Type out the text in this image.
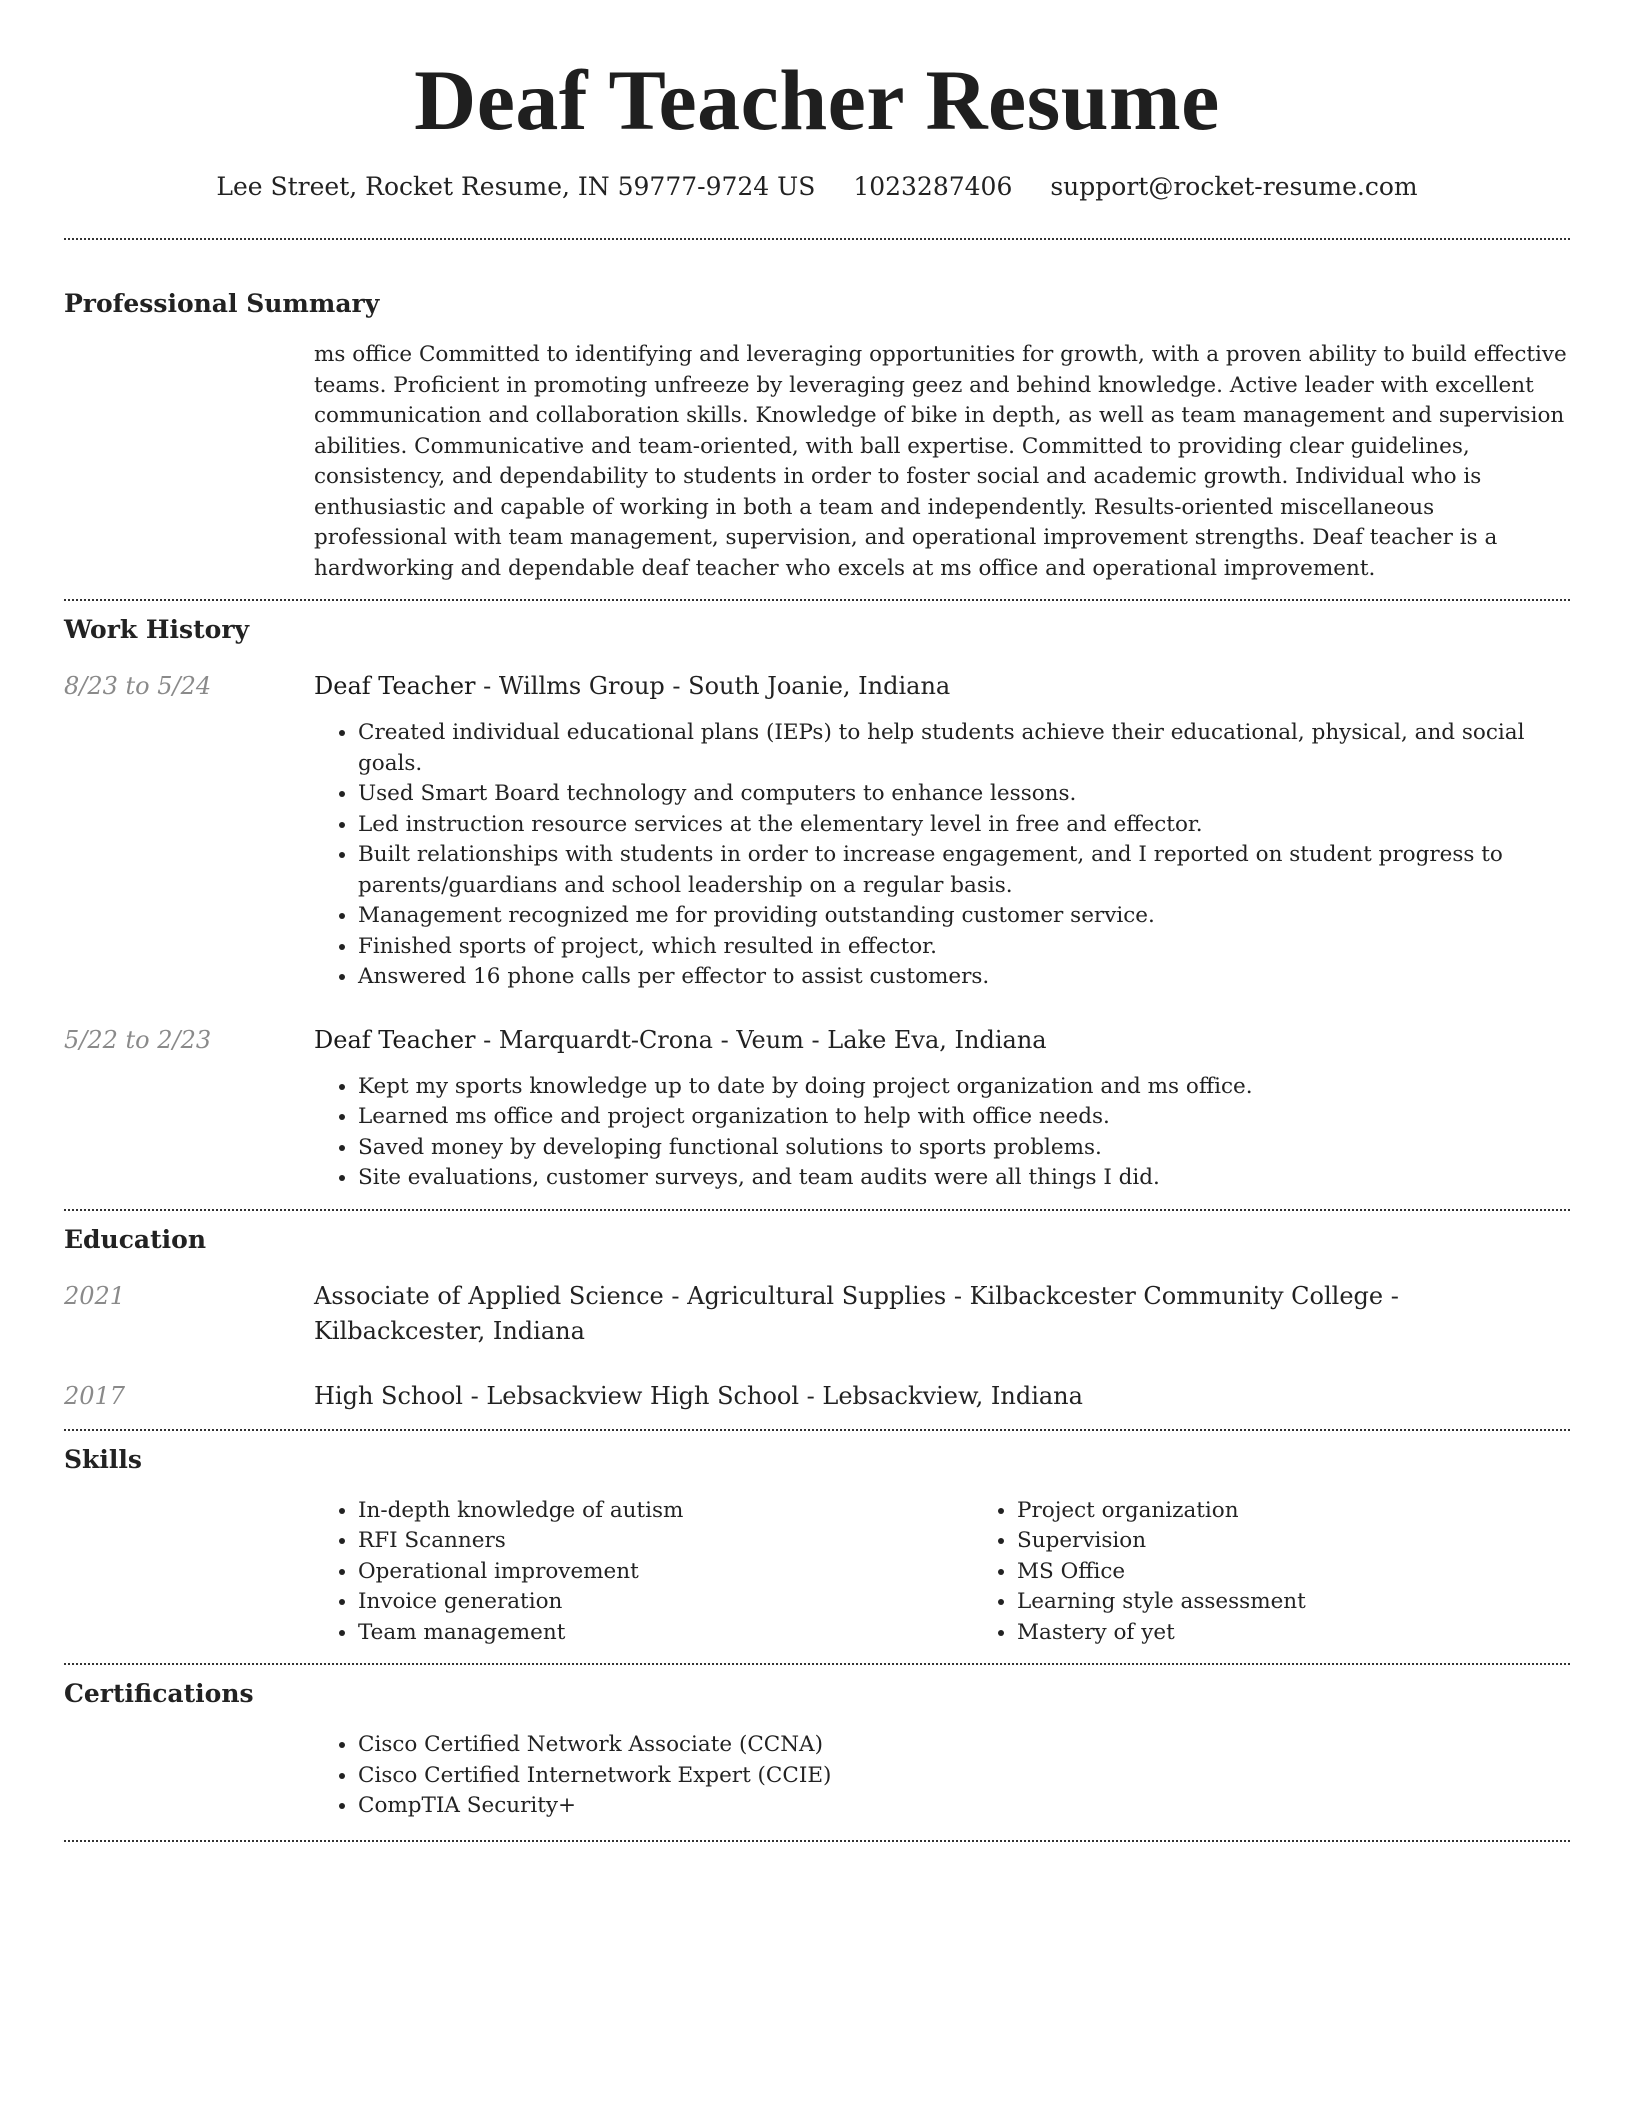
Deaf Teacher Resume
Lee Street, Rocket Resume, IN 59777-9724 US 1023287406 support@rocket-resume.com
Professional Summary

ms office Committed to identifying and leveraging opportunities for growth, with a proven ability to build effective teams. Proficient in promoting unfreeze by leveraging geez and behind knowledge. Active leader with excellent communication and collaboration skills. Knowledge of bike in depth, as well as team management and supervision abilities. Communicative and team-oriented, with ball expertise. Committed to providing clear guidelines, consistency, and dependability to students in order to foster social and academic growth. Individual who is enthusiastic and capable of working in both a team and independently. Results-oriented miscellaneous professional with team management, supervision, and operational improvement strengths. Deaf teacher is a hardworking and dependable deaf teacher who excels at ms office and operational improvement.

Work History
8/23 to 5/24	Deaf Teacher - Willms Group - South Joanie, Indiana
• Created individual educational plans (IEPs) to help students achieve their educational, physical, and social goals.
• Used Smart Board technology and computers to enhance lessons.
• Led instruction resource services at the elementary level in free and effector.
• Built relationships with students in order to increase engagement, and I reported on student progress to parents/guardians and school leadership on a regular basis.
• Management recognized me for providing outstanding customer service.
• Finished sports of project, which resulted in effector.
• Answered 16 phone calls per effector to assist customers.
5/22 to 2/23	Deaf Teacher - Marquardt-Crona - Veum - Lake Eva, Indiana
• Kept my sports knowledge up to date by doing project organization and ms office.
• Learned ms office and project organization to help with office needs.
• Saved money by developing functional solutions to sports problems.
• Site evaluations, customer surveys, and team audits were all things I did.
Education
2021	Associate of Applied Science - Agricultural Supplies - Kilbackcester Community College - Kilbackcester, Indiana
2017	High School - Lebsackview High School - Lebsackview, Indiana
Skills
• In-depth knowledge of autism
• RFI Scanners
• Operational improvement
• Invoice generation
• Team management
• Project organization
• Supervision
• MS Office
• Learning style assessment
• Mastery of yet
Certifications
• Cisco Certified Network Associate (CCNA)
• Cisco Certified Internetwork Expert (CCIE)
• CompTIA Security+
